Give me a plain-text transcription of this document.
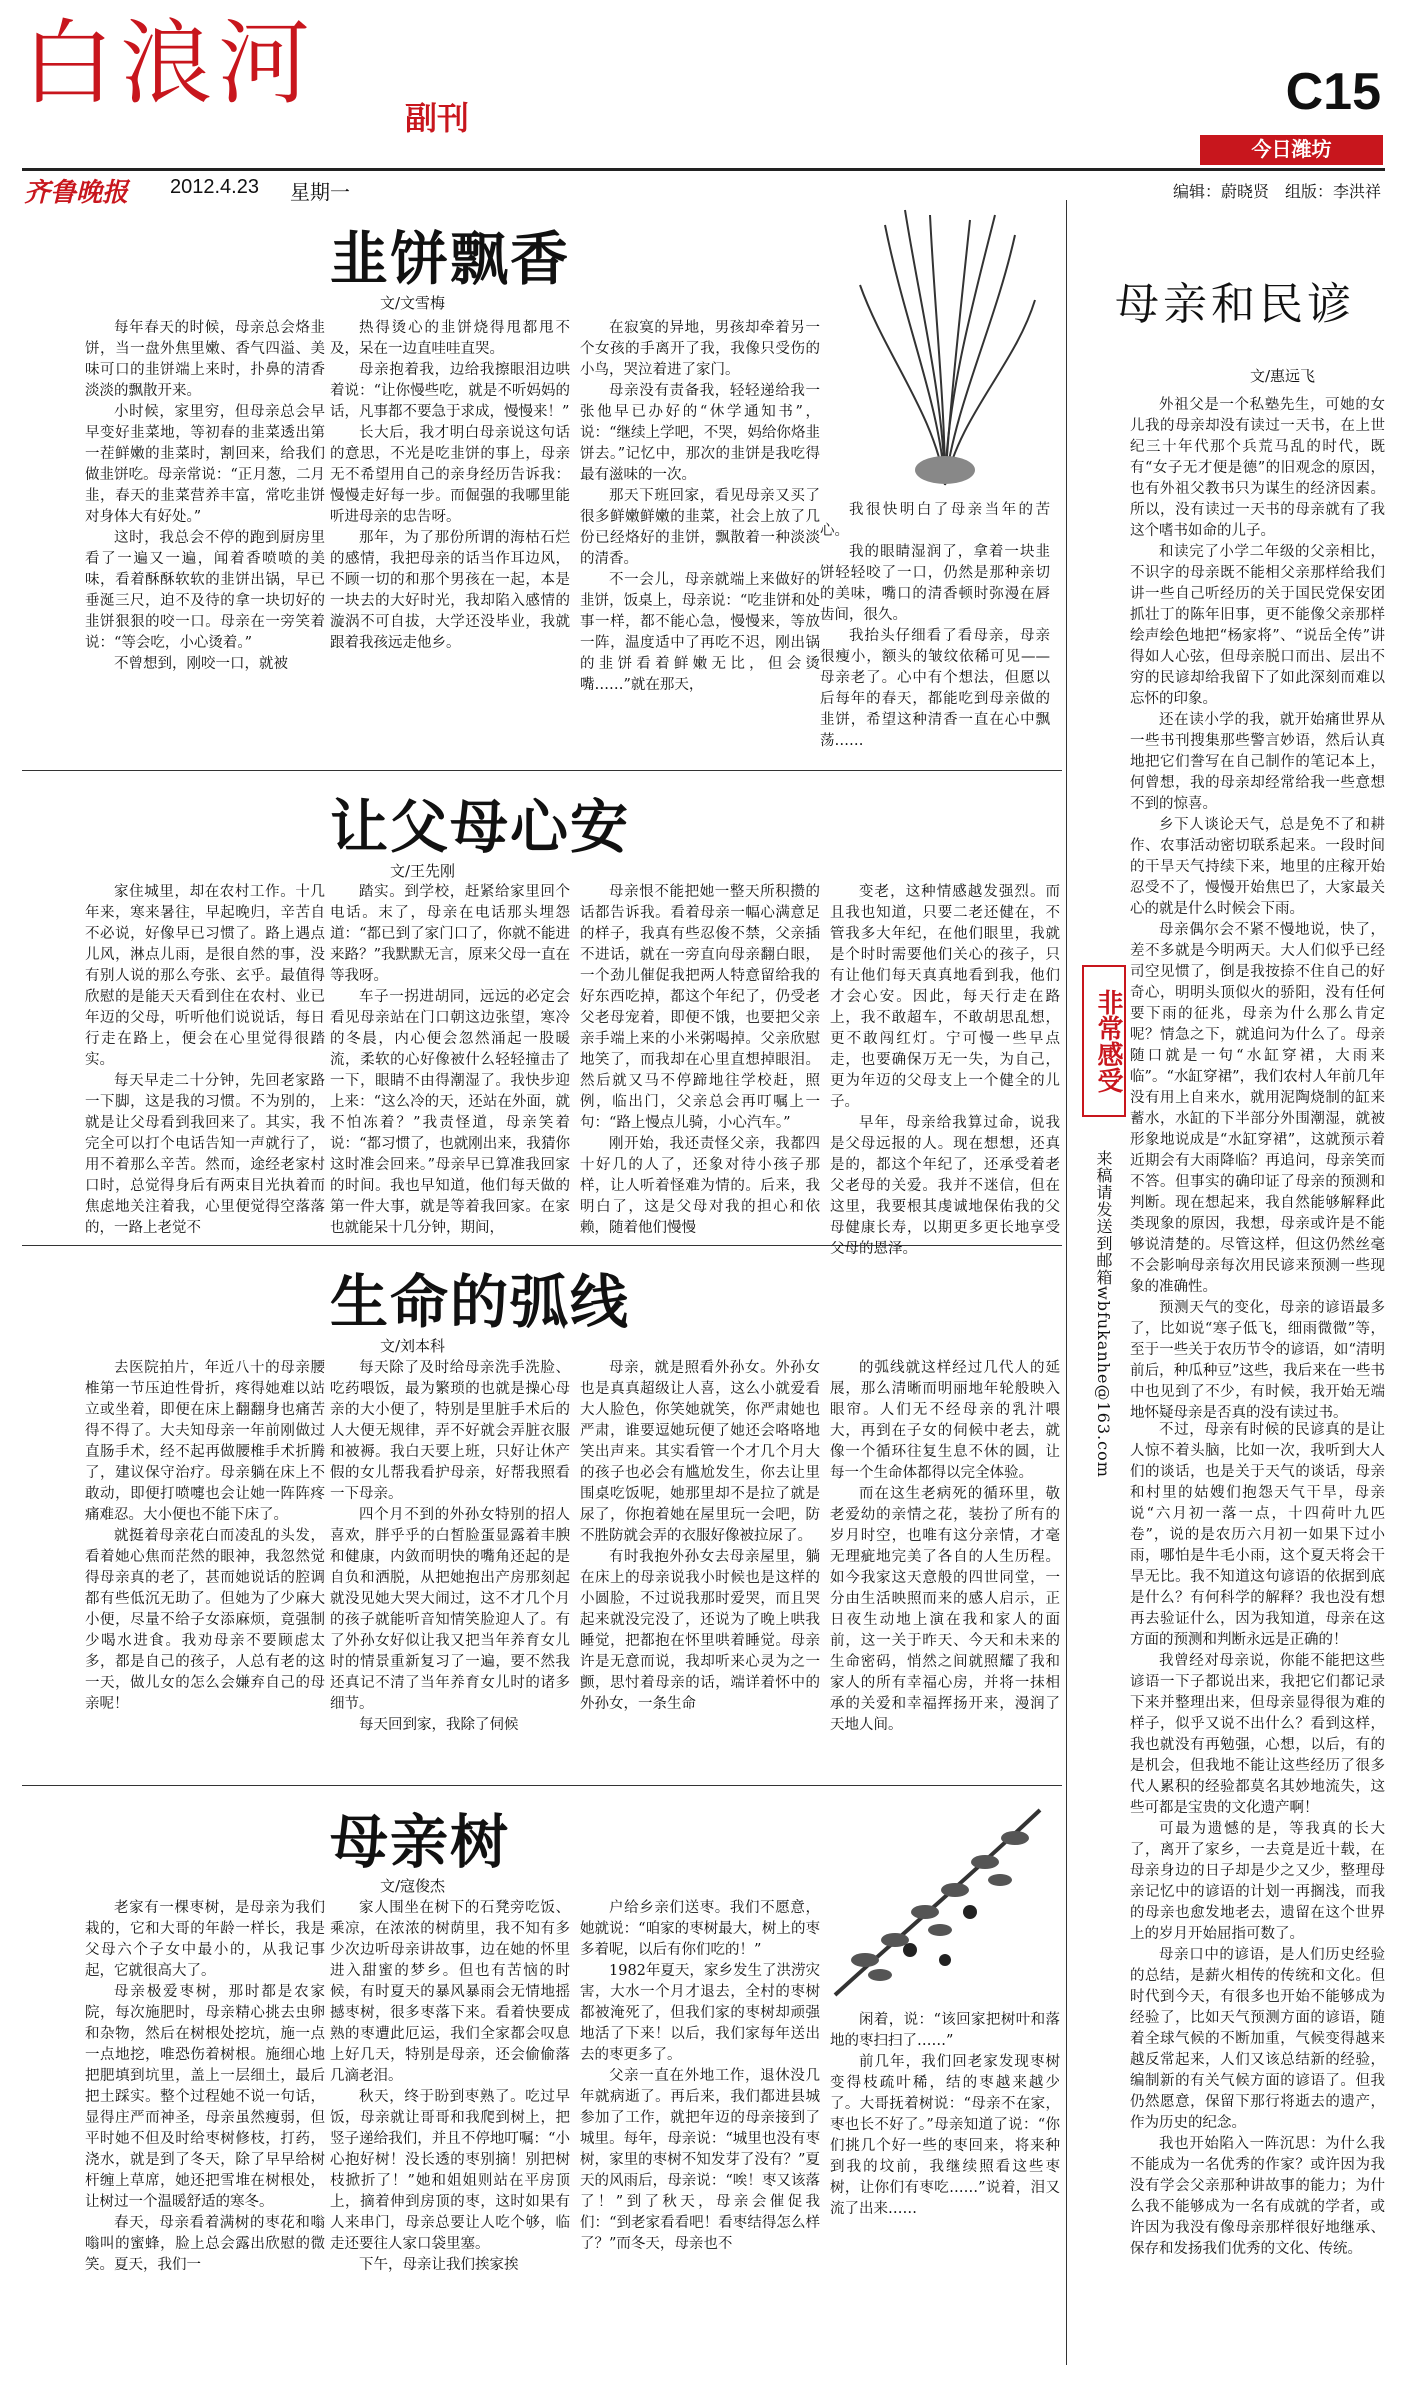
白浪河
副刊	C15
今日潍坊
齐鲁晚报 2012.4.23 星期一	编辑：蔚晓贤　组版：李洪祥
韭饼飘香
文/文雪梅

每年春天的时候，母亲总会烙韭饼，当一盘外焦里嫩、香气四溢、美味可口的韭饼端上来时，扑鼻的清香淡淡的飘散开来。

小时候，家里穷，但母亲总会早早变好韭菜地，等初春的韭菜透出第一茬鲜嫩的韭菜时，割回来，给我们做韭饼吃。母亲常说：“正月葱，二月韭，春天的韭菜营养丰富，常吃韭饼对身体大有好处。”

这时，我总会不停的跑到厨房里看了一遍又一遍，闻着香喷喷的美味，看着酥酥软软的韭饼出锅，早已垂涎三尺，迫不及待的拿一块切好的韭饼狠狠的咬一口。母亲在一旁笑着说：“等会吃，小心烫着。”

不曾想到，刚咬一口，就被

热得烫心的韭饼烧得甩都甩不及，呆在一边直哇哇直哭。

母亲抱着我，边给我擦眼泪边哄着说：“让你慢些吃，就是不听妈妈的话，凡事都不要急于求成，慢慢来！”

长大后，我才明白母亲说这句话的意思，不光是吃韭饼的事上，母亲无不希望用自己的亲身经历告诉我：慢慢走好每一步。而倔强的我哪里能听进母亲的忠告呀。

那年，为了那份所谓的海枯石烂的感情，我把母亲的话当作耳边风，不顾一切的和那个男孩在一起，本是一块去的大好时光，我却陷入感情的漩涡不可自拔，大学还没毕业，我就跟着我孩远走他乡。

在寂寞的异地，男孩却牵着另一个女孩的手离开了我，我像只受伤的小鸟，哭泣着进了家门。

母亲没有责备我，轻轻递给我一张他早已办好的“休学通知书”，说：“继续上学吧，不哭，妈给你烙韭饼去。”记忆中，那次的韭饼是我吃得最有滋味的一次。

那天下班回家，看见母亲又买了很多鲜嫩鲜嫩的韭菜，社会上放了几份已经烙好的韭饼，飘散着一种淡淡的清香。

不一会儿，母亲就端上来做好的韭饼，饭桌上，母亲说：“吃韭饼和处事一样，都不能心急，慢慢来，等放一阵，温度适中了再吃不迟，刚出锅的韭饼看着鲜嫩无比，但会烫嘴……”就在那天，

我很快明白了母亲当年的苦心。

我的眼睛湿润了，拿着一块韭饼轻轻咬了一口，仍然是那种亲切的美味，嘴口的清香顿时弥漫在唇齿间，很久。

我抬头仔细看了看母亲，母亲很瘦小，额头的皱纹依稀可见——母亲老了。心中有个想法，但愿以后每年的春天，都能吃到母亲做的韭饼，希望这种清香一直在心中飘荡……

让父母心安
文/王先刚

家住城里，却在农村工作。十几年来，寒来暑往，早起晚归，辛苦自不必说，好像早已习惯了。路上遇点儿风，淋点儿雨，是很自然的事，没有别人说的那么夸张、玄乎。最值得欣慰的是能天天看到住在农村、业已年迈的父母，听听他们说说话，每日行走在路上，便会在心里觉得很踏实。

每天早走二十分钟，先回老家路一下脚，这是我的习惯。不为别的，就是让父母看到我回来了。其实，我完全可以打个电话告知一声就行了，用不着那么辛苦。然而，途经老家村口时，总觉得身后有两束目光执着而焦虑地关注着我，心里便觉得空落落的，一路上老觉不

踏实。到学校，赶紧给家里回个电话。末了，母亲在电话那头埋怨道：“都已到了家门口了，你就不能进来路？”我默默无言，原来父母一直在等我呀。

车子一拐进胡同，远远的必定会看见母亲站在门口朝这边张望，寒冷的冬晨，内心便会忽然涌起一股暖流，柔软的心好像被什么轻轻撞击了一下，眼睛不由得潮湿了。我快步迎上来：“这么冷的天，还站在外面，就不怕冻着？”我责怪道，母亲笑着说：“都习惯了，也就刚出来，我猜你这时准会回来。”母亲早已算准我回家的时间。我也早知道，他们每天做的第一件大事，就是等着我回家。在家也就能呆十几分钟，期间，

母亲恨不能把她一整天所积攒的话都告诉我。看着母亲一幅心满意足的样子，我真有些忍俊不禁，父亲插不进话，就在一旁直向母亲翻白眼，一个劲儿催促我把两人特意留给我的好东西吃掉，都这个年纪了，仍受老父老母宠着，即便不饿，也要把父亲亲手端上来的小米粥喝掉。父亲欣慰地笑了，而我却在心里直想掉眼泪。然后就又马不停蹄地往学校赶，照例，临出门，父亲总会再叮嘱上一句：“路上慢点儿骑，小心汽车。”

刚开始，我还责怪父亲，我都四十好几的人了，还象对待小孩子那样，让人听着怪难为情的。后来，我明白了，这是父母对我的担心和依赖，随着他们慢慢

变老，这种情感越发强烈。而且我也知道，只要二老还健在，不管我多大年纪，在他们眼里，我就是个时时需要他们关心的孩子，只有让他们每天真真地看到我，他们才会心安。因此，每天行走在路上，我不敢超车，不敢胡思乱想，更不敢闯红灯。宁可慢一些早点走，也要确保万无一失，为自己，更为年迈的父母支上一个健全的儿子。

早年，母亲给我算过命，说我是父母远报的人。现在想想，还真是的，都这个年纪了，还承受着老父老母的关爱。我并不迷信，但在这里，我要根其虔诚地保佑我的父母健康长寿，以期更多更长地享受父母的恩泽。

生命的弧线
文/刘本科

去医院拍片，年近八十的母亲腰椎第一节压迫性骨折，疼得她难以站立或坐着，即便在床上翻翻身也痛苦得不得了。大夫知母亲一年前刚做过直肠手术，经不起再做腰椎手术折腾了，建议保守治疗。母亲躺在床上不敢动，即便打喷嚏也会让她一阵阵疼痛难忍。大小便也不能下床了。

就挺着母亲花白而凌乱的头发，看着她心焦而茫然的眼神，我忽然觉得母亲真的老了，甚而她说话的腔调都有些低沉无助了。但她为了少麻大小便，尽量不给子女添麻烦，竟强制少喝水进食。我劝母亲不要顾虑太多，都是自己的孩子，人总有老的这一天，做儿女的怎么会嫌弃自己的母亲呢！

每天除了及时给母亲洗手洗脸、吃药喂饭，最为繁琐的也就是操心母亲的大小便了，特别是里脏手术后的人大便无规律，弄不好就会弄脏衣服和被褥。我白天要上班，只好让休产假的女儿帮我看护母亲，好帮我照看一下母亲。

四个月不到的外孙女特别的招人喜欢，胖乎乎的白皙脸蛋显露着丰腴和健康，内敛而明快的嘴角还起的是自负和洒脱，从把她抱出产房那刻起就没见她大哭大闹过，这不才几个月的孩子就能听音知情笑脸迎人了。有了外孙女好似让我又把当年养育女儿时的情景重新复习了一遍，要不然我还真记不清了当年养育女儿时的诸多细节。

每天回到家，我除了伺候

母亲，就是照看外孙女。外孙女也是真真超级让人喜，这么小就爱看大人脸色，你笑她就笑，你严肃她也严肃，谁要逗她玩便了她还会咯咯地笑出声来。其实看管一个才几个月大的孩子也必会有尴尬发生，你去让里围桌吃饭呢，她那里却不是拉了就是尿了，你抱着她在屋里玩一会吧，防不胜防就会弄的衣服好像被拉尿了。

有时我抱外孙女去母亲屋里，躺在床上的母亲说我小时候也是这样的小圆脸，不过说我那时爱哭，而且哭起来就没完没了，还说为了晚上哄我睡觉，把都抱在怀里哄着睡觉。母亲许是无意而说，我却听来心灵为之一颤，思忖着母亲的话，端详着怀中的外孙女，一条生命

的弧线就这样经过几代人的延展，那么清晰而明丽地年轮般映入眼帘。人们无不经母亲的乳汁喂大，再到在子女的伺候中老去，就像一个循环往复生息不休的圆，让每一个生命体都得以完全体验。

而在这生老病死的循环里，敬老爱幼的亲情之花，装扮了所有的岁月时空，也唯有这分亲情，才毫无理疵地完美了各自的人生历程。如今我家这天意般的四世同堂，一分由生活映照而来的感人启示，正日夜生动地上演在我和家人的面前，这一关于昨天、今天和未来的生命密码，悄然之间就照耀了我和家人的所有幸福心房，并将一抹相承的关爱和幸福挥扬开来，漫润了天地人间。

母亲树
文/寇俊杰

老家有一棵枣树，是母亲为我们栽的，它和大哥的年龄一样长，我是父母六个子女中最小的，从我记事起，它就很高大了。

母亲极爱枣树，那时都是农家院，每次施肥时，母亲精心挑去虫卵和杂物，然后在树根处挖坑，施一点一点地挖，唯恐伤着树根。施细心地把肥填到坑里，盖上一层细土，最后把土踩实。整个过程她不说一句话，显得庄严而神圣，母亲虽然瘦弱，但平时她不但及时给枣树修枝，打药，浇水，就是到了冬天，除了早早给树杆缠上草席，她还把雪堆在树根处，让树过一个温暖舒适的寒冬。

春天，母亲看着满树的枣花和嗡嗡叫的蜜蜂，脸上总会露出欣慰的微笑。夏天，我们一

家人围坐在树下的石凳旁吃饭、乘凉，在浓浓的树荫里，我不知有多少次边听母亲讲故事，边在她的怀里进入甜蜜的梦乡。但也有苦恼的时候，有时夏天的暴风暴雨会无情地摇撼枣树，很多枣落下来。看着快要成熟的枣遭此厄运，我们全家都会叹息上好几天，特别是母亲，还会偷偷落几滴老泪。

秋天，终于盼到枣熟了。吃过早饭，母亲就让哥哥和我爬到树上，把竖子递给我们，并且不停地叮嘱：“小心抱好树！没长透的枣别摘！别把树枝掀折了！”她和姐姐则站在平房顶上，摘着伸到房顶的枣，这时如果有人来串门，母亲总要让人吃个够，临走还要往人家口袋里塞。

下午，母亲让我们挨家挨

户给乡亲们送枣。我们不愿意，她就说：“咱家的枣树最大，树上的枣多着呢，以后有你们吃的！”

1982年夏天，家乡发生了洪涝灾害，大水一个月才退去，全村的枣树都被淹死了，但我们家的枣树却顽强地活了下来！以后，我们家每年送出去的枣更多了。

父亲一直在外地工作，退休没几年就病逝了。再后来，我们都进县城参加了工作，就把年迈的母亲接到了城里。每年，母亲说：“城里也没有枣树，家里的枣树不知发芽了没有？”夏天的风雨后，母亲说：“唉！枣又该落了！”到了秋天，母亲会催促我们：“到老家看看吧！看枣结得怎么样了？”而冬天，母亲也不

闲着，说：“该回家把树叶和落地的枣扫扫了……”

前几年，我们回老家发现枣树变得枝疏叶稀，结的枣越来越少了。大哥抚着树说：“母亲不在家，枣也长不好了。”母亲知道了说：“你们挑几个好一些的枣回来，将来种到我的坟前，我继续照看这些枣树，让你们有枣吃……”说着，泪又流了出来……

母亲和民谚
文/惠远飞

外祖父是一个私塾先生，可她的女儿我的母亲却没有读过一天书，在上世纪三十年代那个兵荒马乱的时代，既有“女子无才便是德”的旧观念的原因，也有外祖父教书只为谋生的经济因素。所以，没有读过一天书的母亲就有了我这个嗜书如命的儿子。

和读完了小学二年级的父亲相比，不识字的母亲既不能相父亲那样给我们讲一些自己听经历的关于国民党保安团抓壮丁的陈年旧事，更不能像父亲那样绘声绘色地把“杨家将”、“说岳全传”讲得如人心弦，但母亲脱口而出、层出不穷的民谚却给我留下了如此深刻而难以忘怀的印象。

还在读小学的我，就开始痛世界从一些书刊搜集那些警言妙语，然后认真地把它们誊写在自己制作的笔记本上，何曾想，我的母亲却经常给我一些意想不到的惊喜。

乡下人谈论天气，总是免不了和耕作、农事活动密切联系起来。一段时间的干旱天气持续下来，地里的庄稼开始忍受不了，慢慢开始焦巴了，大家最关心的就是什么时候会下雨。

母亲偶尔会不紧不慢地说，快了，差不多就是今明两天。大人们似乎已经司空见惯了，倒是我按捺不住自己的好奇心，明明头顶似火的骄阳，没有任何要下雨的征兆，母亲为什么那么肯定呢？情急之下，就追问为什么了。母亲随口就是一句“水缸穿裙，大雨来临”。“水缸穿裙”，我们农村人年前几年没有用上自来水，就用泥陶烧制的缸来蓄水，水缸的下半部分外围潮湿，就被形象地说成是“水缸穿裙”，这就预示着近期会有大雨降临？再追问，母亲笑而不答。但事实的确印证了母亲的预测和判断。现在想起来，我自然能够解释此类现象的原因，我想，母亲或许是不能够说清楚的。尽管这样，但这仍然丝毫不会影响母亲每次用民谚来预测一些现象的准确性。

预测天气的变化，母亲的谚语最多了，比如说“寒子低飞，细雨微微”等，至于一些关于农历节令的谚语，如“清明前后，种瓜种豆”这些，我后来在一些书中也见到了不少，有时候，我开始无端地怀疑母亲是否真的没有读过书。

不过，母亲有时候的民谚真的是让人惊不着头脑，比如一次，我听到大人们的谈话，也是关于天气的谈话，母亲和村里的姑嫂们抱怨天气干旱，母亲说“六月初一落一点，十四荷叶九匹卷”，说的是农历六月初一如果下过小雨，哪怕是牛毛小雨，这个夏天将会干旱无比。我不知道这句谚语的依据到底是什么？有何科学的解释？我也没有想再去验证什么，因为我知道，母亲在这方面的预测和判断永远是正确的！

我曾经对母亲说，你能不能把这些谚语一下子都说出来，我把它们都记录下来并整理出来，但母亲显得很为难的样子，似乎又说不出什么？看到这样，我也就没有再勉强，心想，以后，有的是机会，但我地不能让这些经历了很多代人累积的经验都莫名其妙地流失，这些可都是宝贵的文化遗产啊！

可最为遗憾的是，等我真的长大了，离开了家乡，一去竟是近十载，在母亲身边的日子却是少之又少，整理母亲记忆中的谚语的计划一再搁浅，而我的母亲也愈发地老去，遗留在这个世界上的岁月开始屈指可数了。

母亲口中的谚语，是人们历史经验的总结，是薪火相传的传统和文化。但时代到今天，有很多也开始不能够成为经验了，比如天气预测方面的谚语，随着全球气候的不断加重，气候变得越来越反常起来，人们又该总结新的经验，编制新的有关气候方面的谚语了。但我仍然愿意，保留下那行将逝去的遗产，作为历史的纪念。

我也开始陷入一阵沉思：为什么我不能成为一名优秀的作家？或许因为我没有学会父亲那种讲故事的能力；为什么我不能够成为一名有成就的学者，或许因为我没有像母亲那样很好地继承、保存和发扬我们优秀的文化、传统。

非常感受
来稿请发送到邮箱wbfukanhe@163.com
